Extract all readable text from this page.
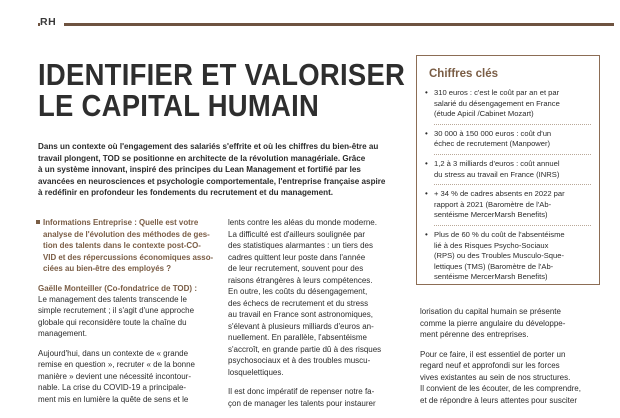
RH
IDENTIFIER ET VALORISER
LE CAPITAL HUMAIN
Dans un contexte où l'engagement des salariés s'effrite et où les chiffres du bien-être au
travail plongent, TOD se positionne en architecte de la révolution managériale. Grâce
à un système innovant, inspiré des principes du Lean Management et fortifié par les
avancées en neurosciences et psychologie comportementale, l'entreprise française aspire
à redéfinir en profondeur les fondements du recrutement et du management.
Informations Entreprise : Quelle est votre
analyse de l'évolution des méthodes de ges-
tion des talents dans le contexte post-CO-
VID et des répercussions économiques asso-
ciées au bien-être des employés ?
Gaëlle Monteiller (Co-fondatrice de TOD) :
Le management des talents transcende le
simple recrutement ; il s'agit d'une approche
globale qui reconsidère toute la chaîne du
management.
Aujourd'hui, dans un contexte de « grande
remise en question », recruter « de la bonne
manière » devient une nécessité incontour-
nable. La crise du COVID-19 a principale-
ment mis en lumière la quête de sens et le
lents contre les aléas du monde moderne.
La difficulté est d'ailleurs soulignée par
des statistiques alarmantes : un tiers des
cadres quittent leur poste dans l'année
de leur recrutement, souvent pour des
raisons étrangères à leurs compétences.
En outre, les coûts du désengagement,
des échecs de recrutement et du stress
au travail en France sont astronomiques,
s'élevant à plusieurs milliards d'euros an-
nuellement. En parallèle, l'absentéisme
s'accroît, en grande partie dû à des risques
psychosociaux et à des troubles muscu-
losquelettiques.
Il est donc impératif de repenser notre fa-
çon de manager les talents pour instaurer
Chiffres clés
• 310 euros : c'est le coût par an et par
salarié du désengagement en France
(étude Apicil /Cabinet Mozart)
• 30 000 à 150 000 euros : coût d'un
échec de recrutement (Manpower)
• 1,2 à 3 milliards d'euros : coût annuel
du stress au travail en France (INRS)
• + 34 % de cadres absents en 2022 par
rapport à 2021 (Baromètre de l'Ab-
sentéisme MercerMarsh Benefits)
• Plus de 60 % du coût de l'absentéisme
lié à des Risques Psycho-Sociaux
(RPS) ou des Troubles Musculo-Sque-
lettiques (TMS) (Baromètre de l'Ab-
sentéisme MercerMarsh Benefits)
lorisation du capital humain se présente
comme la pierre angulaire du développe-
ment pérenne des entreprises.
Pour ce faire, il est essentiel de porter un
regard neuf et approfondi sur les forces
vives existantes au sein de nos structures.
Il convient de les écouter, de les comprendre,
et de répondre à leurs attentes pour susciter
